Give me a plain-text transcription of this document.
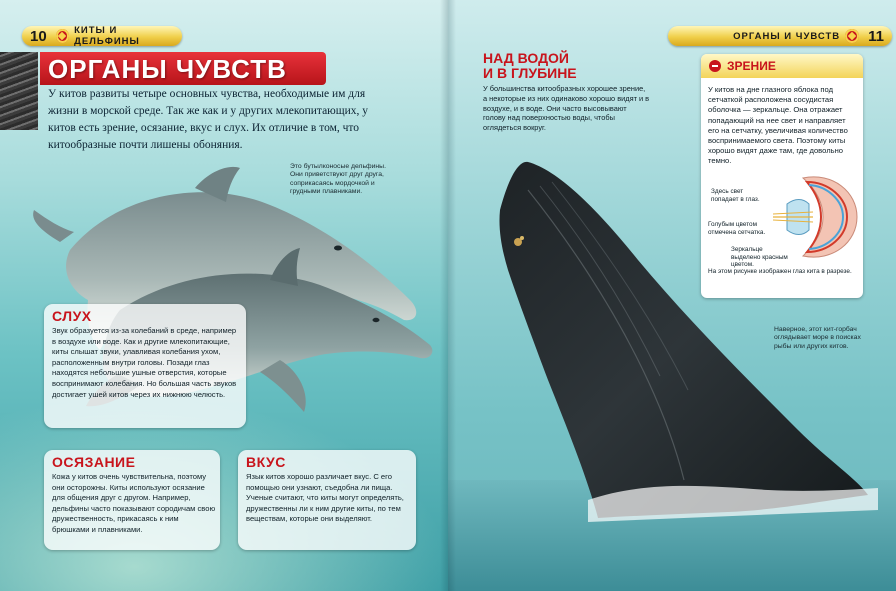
10	КИТЫ И ДЕЛЬФИНЫ	ОРГАНЫ И ЧУВСТВ 11
ОРГАНЫ ЧУВСТВ
У китов развиты четыре основных чувства, необходимые им для жизни в морской среде. Так же как и у других млекопитающих, у китов есть зрение, осязание, вкус и слух. Их отличие в том, что китообразные почти лишены обоняния.
Это бутылконосые дельфины. Они приветствуют друг друга, соприкасаясь мордочкой и грудными плавниками.
СЛУХ
Звук образуется из-за колебаний в среде, например в воздухе или воде. Как и другие млекопитающие, киты слышат звуки, улавливая колебания ухом, расположенным внутри головы. Позади глаз находятся небольшие ушные отверстия, которые воспринимают колебания. Но большая часть звуков достигает ушей китов через их нижнюю челюсть.
ОСЯЗАНИЕ
Кожа у китов очень чувствительна, поэтому они осторожны. Киты используют осязание для общения друг с другом. Например, дельфины часто показывают сородичам свою дружественность, прикасаясь к ним брюшками и плавниками.
ВКУС
Язык китов хорошо различает вкус. С его помощью они узнают, съедобна ли пища. Ученые считают, что киты могут определять, дружественны ли к ним другие киты, по тем веществам, которые они выделяют.
НАД ВОДОЙ
И В ГЛУБИНЕ
У большинства китообразных хорошее зрение, а некоторые из них одинаково хорошо видят и в воздухе, и в воде. Они часто высовывают голову над поверхностью воды, чтобы оглядеться вокруг.
ЗРЕНИЕ
У китов на дне глазного яблока под сетчаткой расположена сосудистая оболочка — зеркальце. Она отражает попадающий на нее свет и направляет его на сетчатку, увеличивая количество воспринимаемого света. Поэтому киты хорошо видят даже там, где довольно темно.
Здесь свет попадает в глаз.
Голубым цветом отмечена сетчатка.
Зеркальце выделено красным цветом.
На этом рисунке изображен глаз кита в разрезе.
Наверное, этот кит-горбач оглядывает море в поисках рыбы или других китов.
